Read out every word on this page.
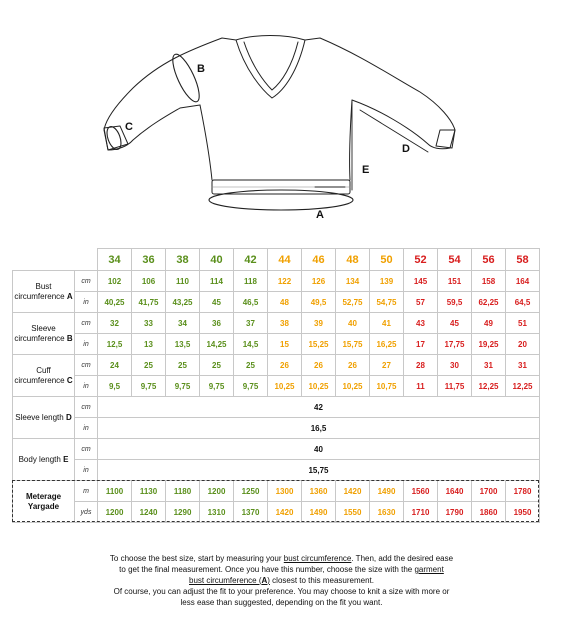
A
B
C
D
E
		34	36	38	40	42	44	46	48	50	52	54	56	58
Bust circumference A	cm	102	106	110	114	118	122	126	134	139	145	151	158	164
	in	40,25	41,75	43,25	45	46,5	48	49,5	52,75	54,75	57	59,5	62,25	64,5
Sleeve circumference B	cm	32	33	34	36	37	38	39	40	41	43	45	49	51
	in	12,5	13	13,5	14,25	14,5	15	15,25	15,75	16,25	17	17,75	19,25	20
Cuff circumference C	cm	24	25	25	25	25	26	26	26	27	28	30	31	31
	in	9,5	9,75	9,75	9,75	9,75	10,25	10,25	10,25	10,75	11	11,75	12,25	12,25
Sleeve length D	cm	42												
	in	16,5												
Body length E	cm	40												
	in	15,75												
Meterage
Yargade	m	1100	1130	1180	1200	1250	1300	1360	1420	1490	1560	1640	1700	1780
	yds	1200	1240	1290	1310	1370	1420	1490	1550	1630	1710	1790	1860	1950

To choose the best size, start by measuring your bust circumference. Then, add the desired ease

to get the final measurement. Once you have this number, choose the size with the garment

bust circumference (A) closest to this measurement.

Of course, you can adjust the fit to your preference. You may choose to knit a size with more or

less ease than suggested, depending on the fit you want.
